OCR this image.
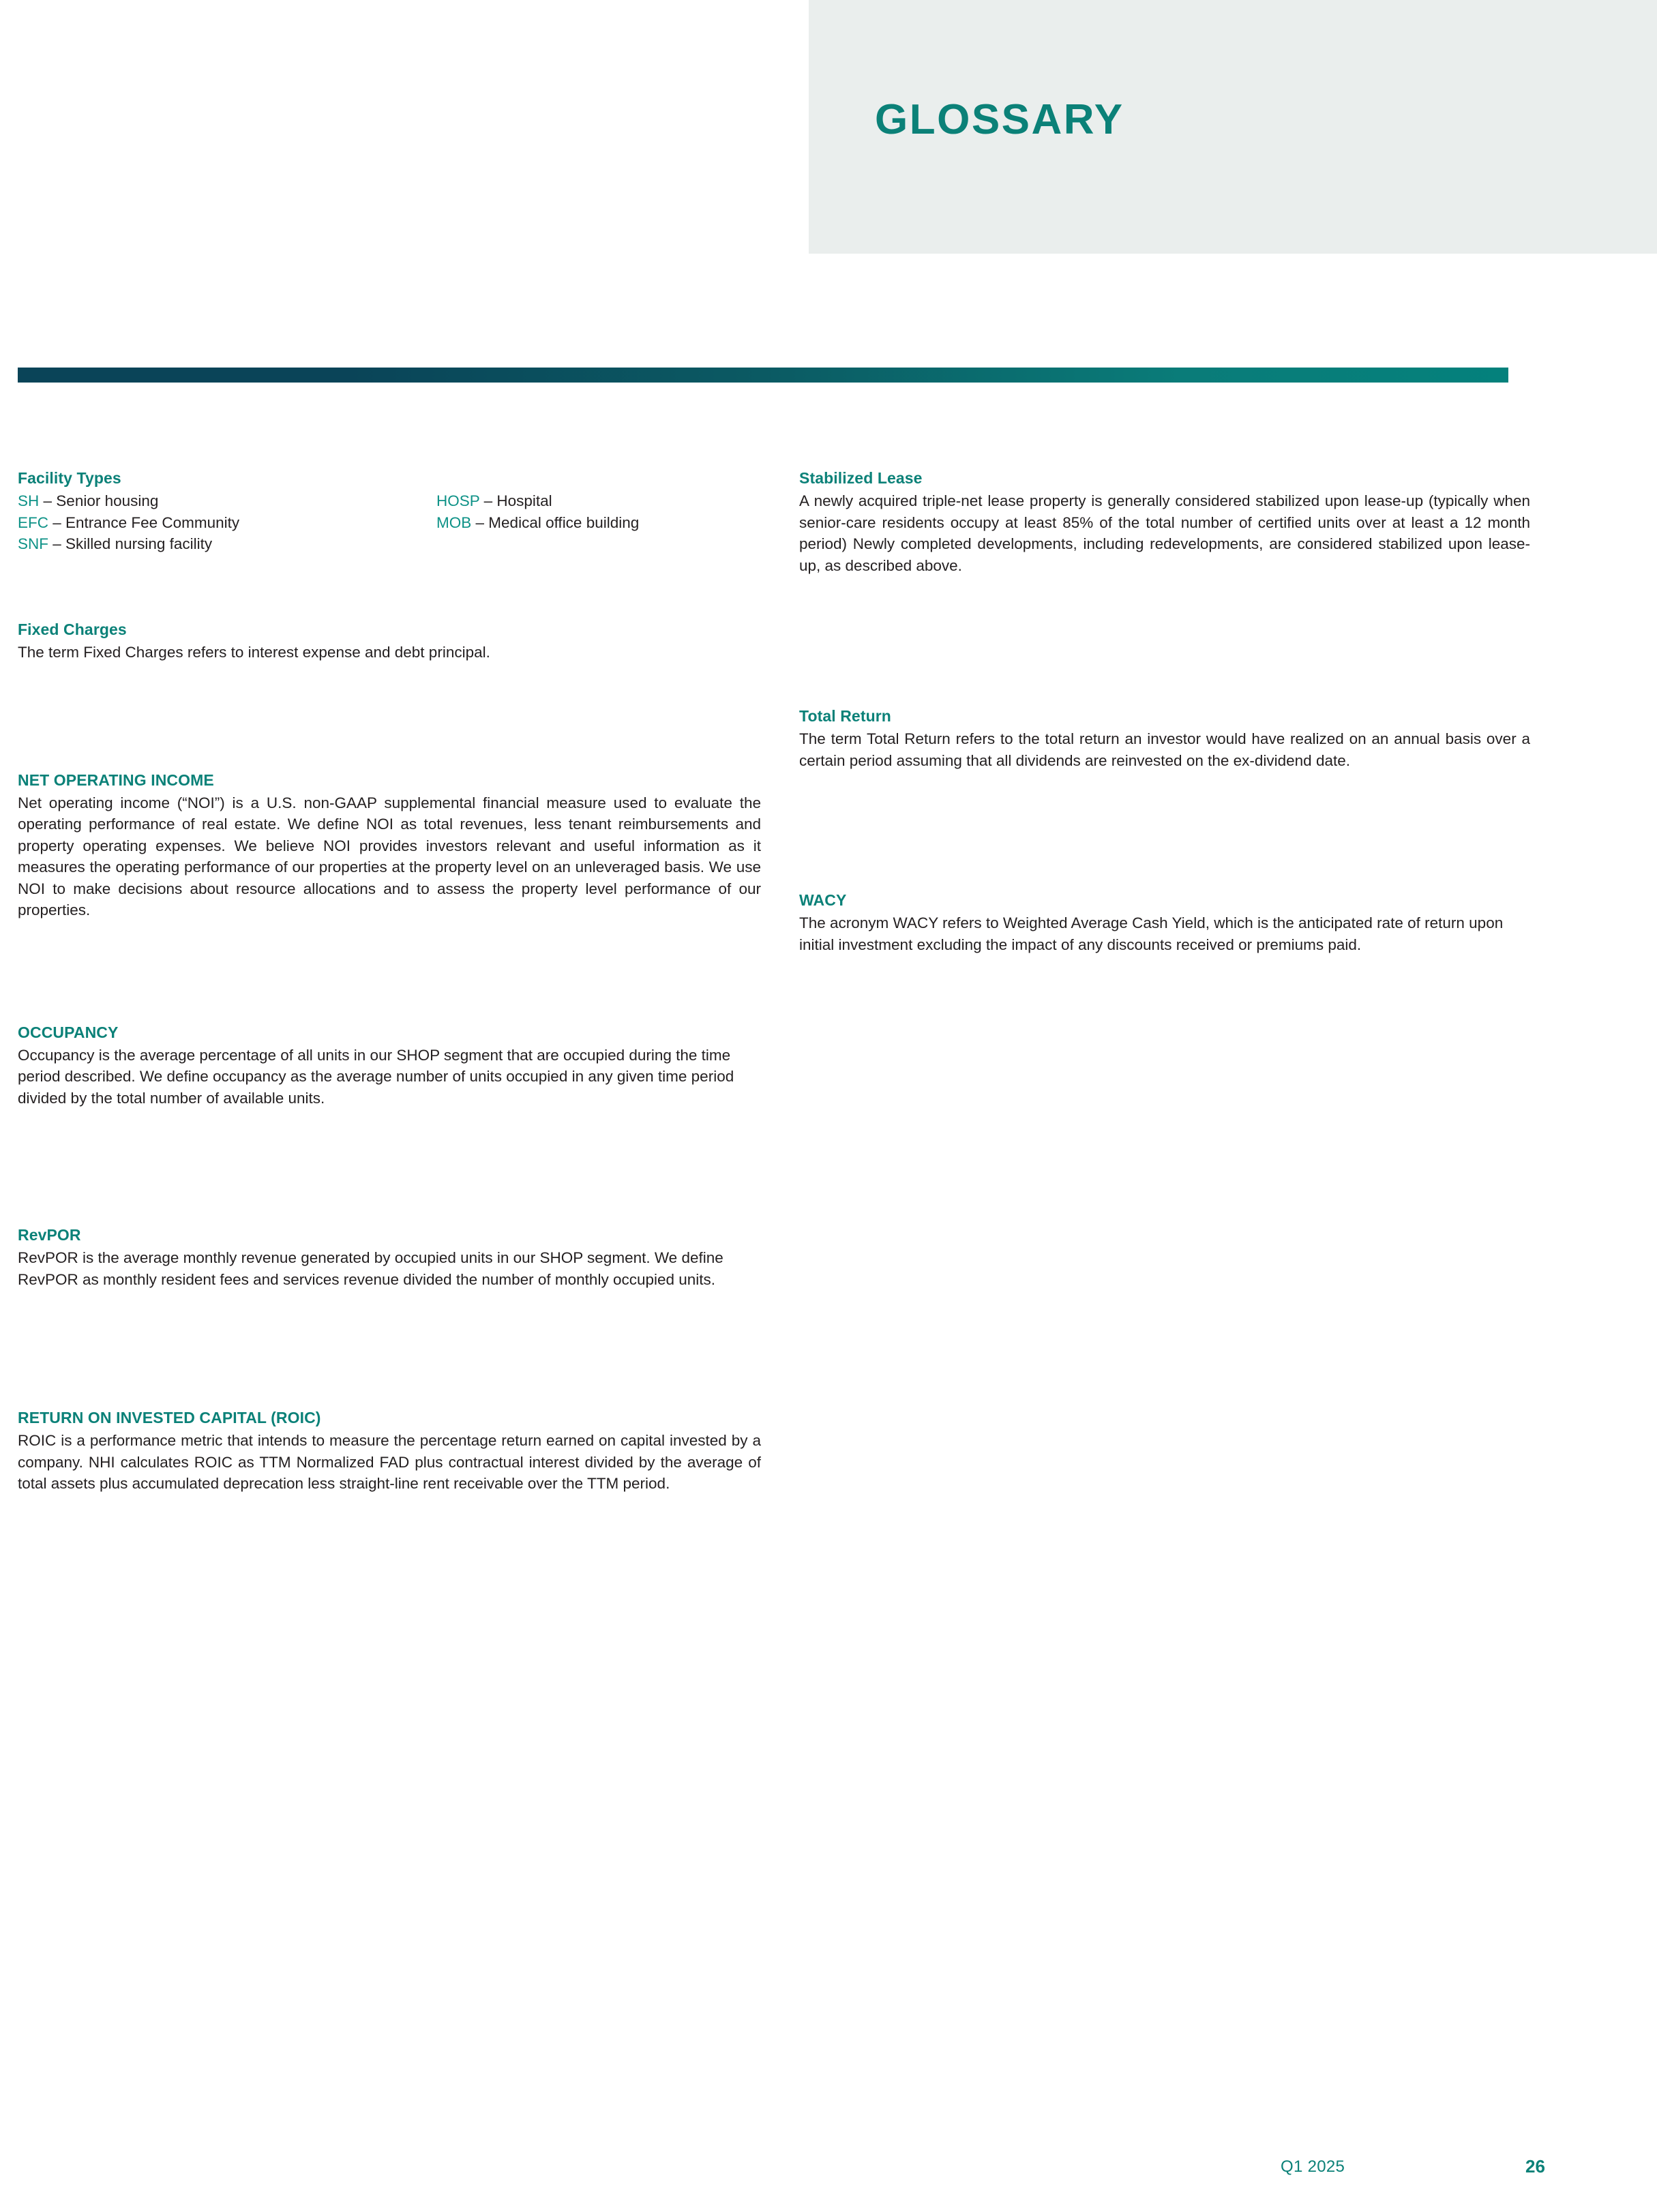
GLOSSARY
Facility Types
SH – Senior housing
EFC – Entrance Fee Community
SNF – Skilled nursing facility
HOSP – Hospital
MOB – Medical office building
Fixed Charges

The term Fixed Charges refers to interest expense and debt principal.

NET OPERATING INCOME

Net operating income (“NOI”) is a U.S. non-GAAP supplemental financial measure used to evaluate the operating performance of real estate. We define NOI as total revenues, less tenant reimbursements and property operating expenses. We believe NOI provides investors relevant and useful information as it measures the operating performance of our properties at the property level on an unleveraged basis. We use NOI to make decisions about resource allocations and to assess the property level performance of our properties.

OCCUPANCY

Occupancy is the average percentage of all units in our SHOP segment that are occupied during the time period described. We define occupancy as the average number of units occupied in any given time period divided by the total number of available units.

RevPOR

RevPOR is the average monthly revenue generated by occupied units in our SHOP segment. We define RevPOR as monthly resident fees and services revenue divided the number of monthly occupied units.

RETURN ON INVESTED CAPITAL (ROIC)

ROIC is a performance metric that intends to measure the percentage return earned on capital invested by a company. NHI calculates ROIC as TTM Normalized FAD plus contractual interest divided by the average of total assets plus accumulated deprecation less straight-line rent receivable over the TTM period.

Stabilized Lease

A newly acquired triple-net lease property is generally considered stabilized upon lease-up (typically when senior-care residents occupy at least 85% of the total number of certified units over at least a 12 month period) Newly completed developments, including redevelopments, are considered stabilized upon lease-up, as described above.

Total Return

The term Total Return refers to the total return an investor would have realized on an annual basis over a certain period assuming that all dividends are reinvested on the ex-dividend date.

WACY

The acronym WACY refers to Weighted Average Cash Yield, which is the anticipated rate of return upon initial investment excluding the impact of any discounts received or premiums paid.

Q1 2025	26
